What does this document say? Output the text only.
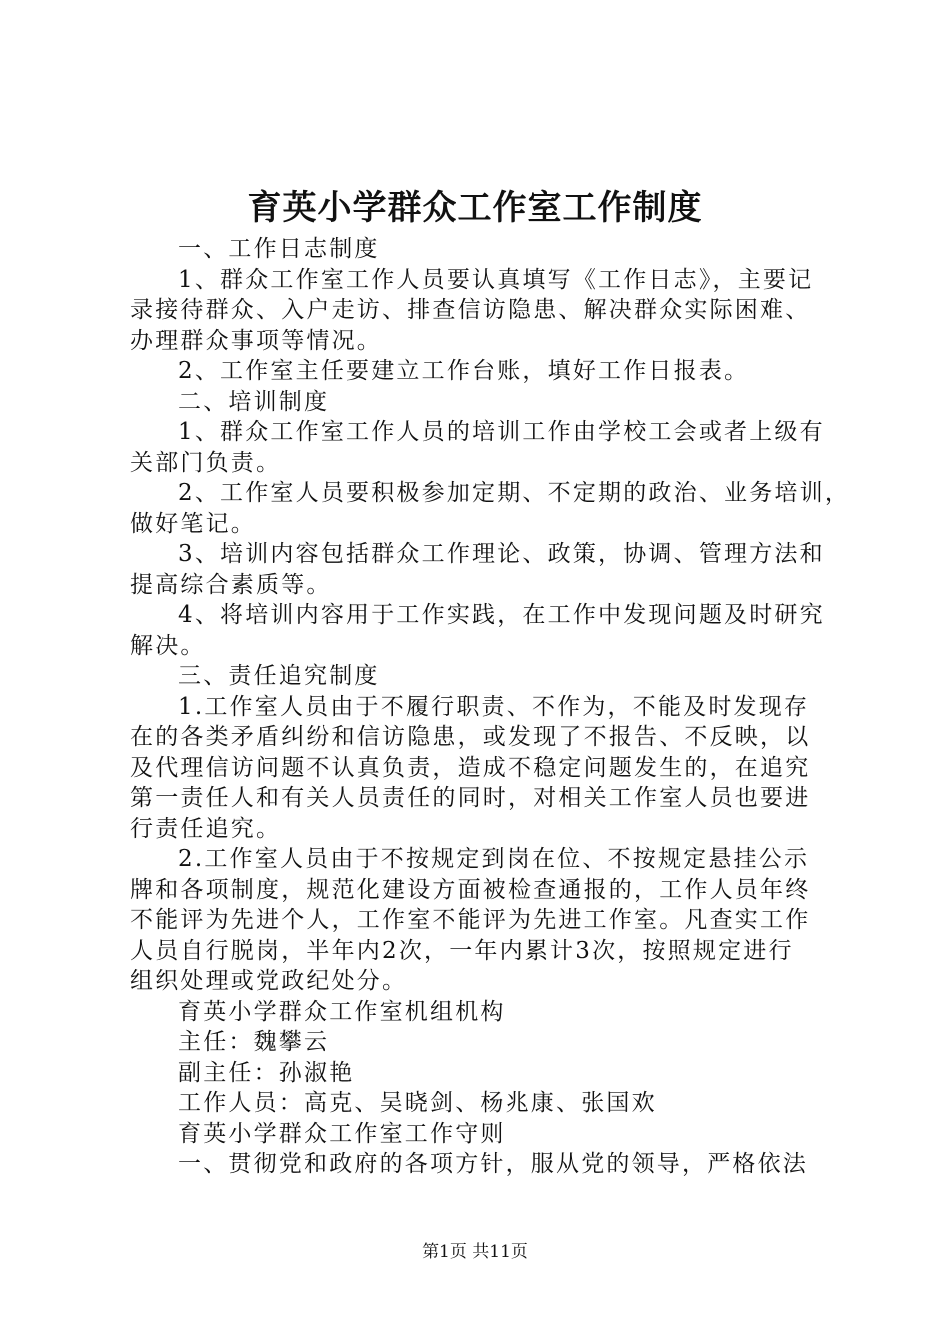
育英小学群众工作室工作制度
一、工作日志制度
1、群众工作室工作人员要认真填写《工作日志》，主要记
录接待群众、入户走访、排查信访隐患、解决群众实际困难、
办理群众事项等情况。
2、工作室主任要建立工作台账，填好工作日报表。
二、培训制度
1、群众工作室工作人员的培训工作由学校工会或者上级有
关部门负责。
2、工作室人员要积极参加定期、不定期的政治、业务培训，
做好笔记。
3、培训内容包括群众工作理论、政策，协调、管理方法和
提高综合素质等。
4、将培训内容用于工作实践，在工作中发现问题及时研究
解决。
三、责任追究制度
1.工作室人员由于不履行职责、不作为，不能及时发现存
在的各类矛盾纠纷和信访隐患，或发现了不报告、不反映，以
及代理信访问题不认真负责，造成不稳定问题发生的，在追究
第一责任人和有关人员责任的同时，对相关工作室人员也要进
行责任追究。
2.工作室人员由于不按规定到岗在位、不按规定悬挂公示
牌和各项制度，规范化建设方面被检查通报的，工作人员年终
不能评为先进个人，工作室不能评为先进工作室。凡查实工作
人员自行脱岗，半年内2次，一年内累计3次，按照规定进行
组织处理或党政纪处分。
育英小学群众工作室机组机构
主任：魏攀云
副主任：孙淑艳
工作人员：高克、吴晓剑、杨兆康、张国欢
育英小学群众工作室工作守则
一、贯彻党和政府的各项方针，服从党的领导，严格依法
第1页 共11页
